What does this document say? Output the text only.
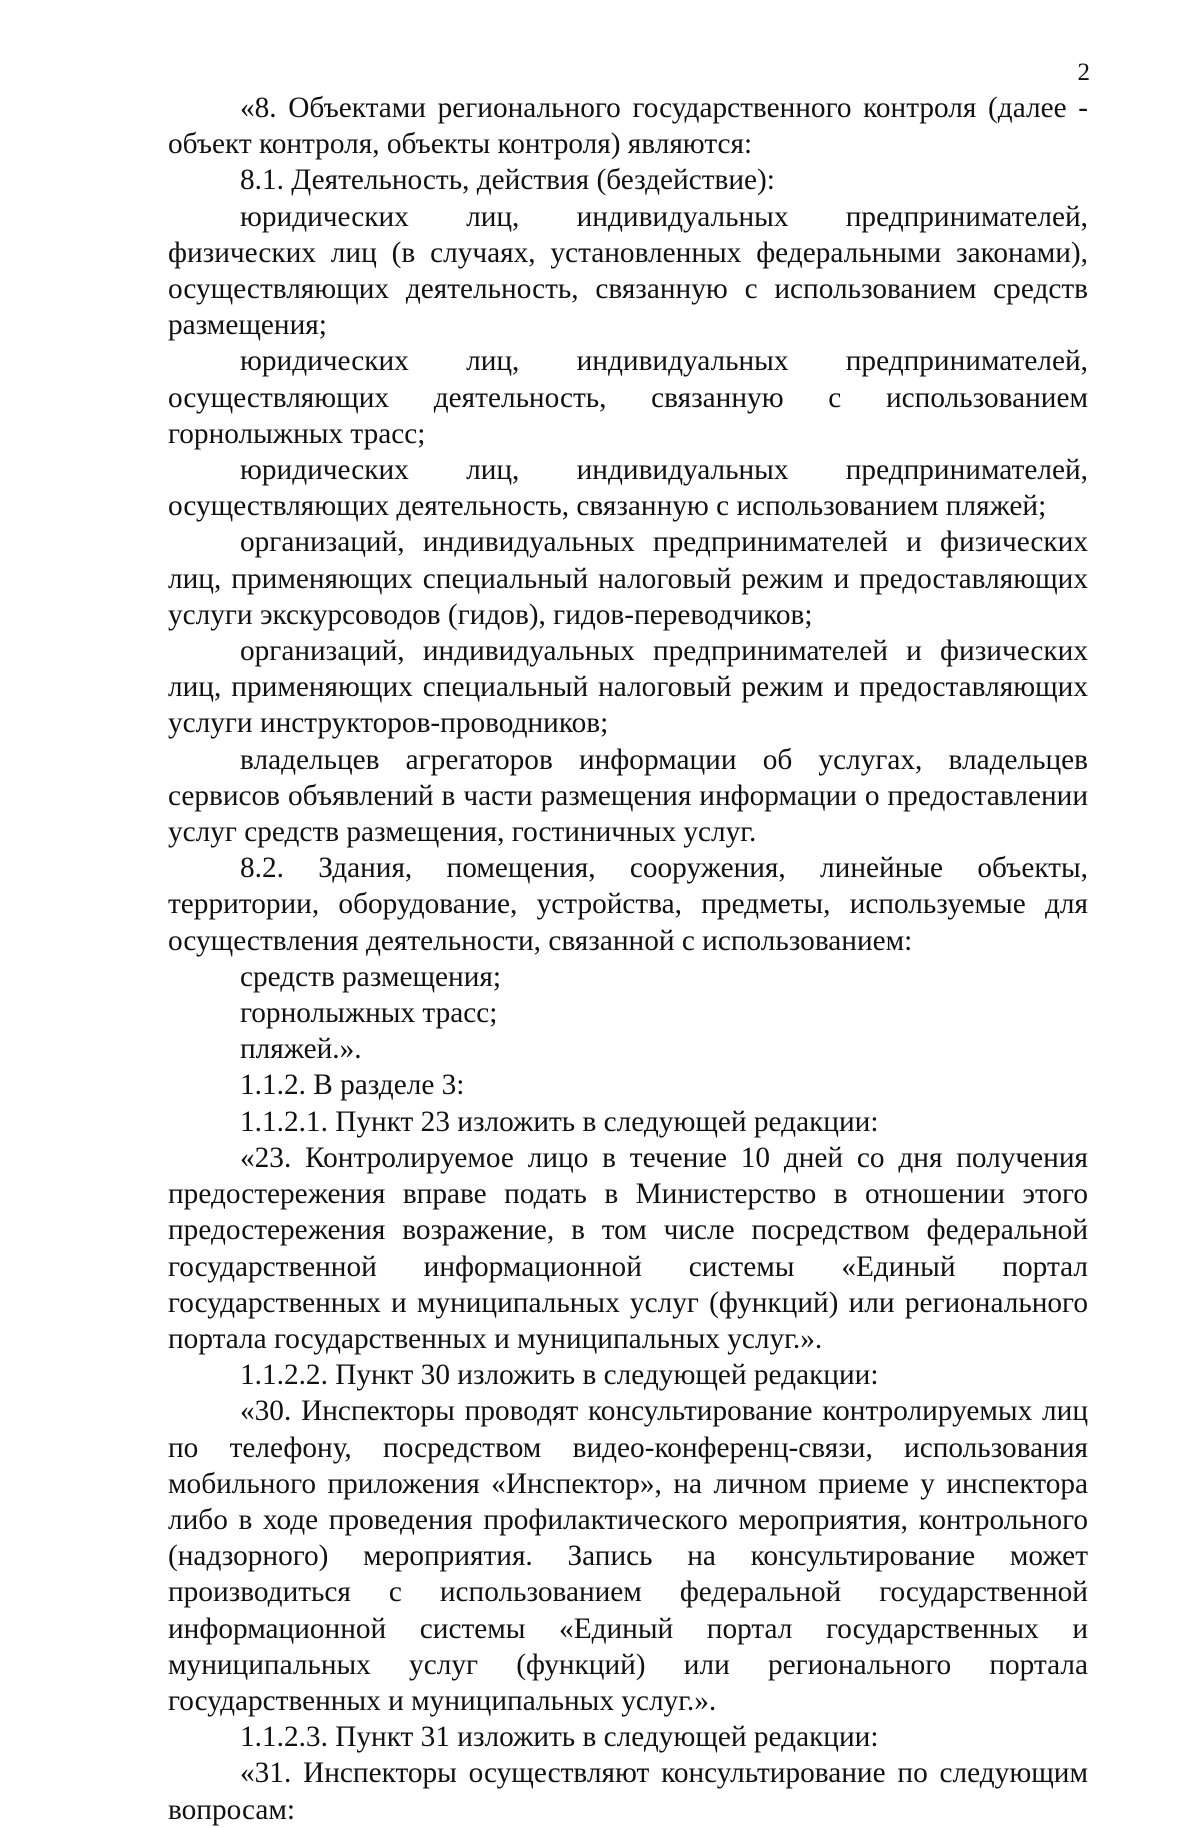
2

«8. Объектами регионального государственного контроля (далее - объект контроля, объекты контроля) являются:

8.1. Деятельность, действия (бездействие):

юридических лиц, индивидуальных предпринимателей, физических лиц (в случаях, установленных федеральными законами), осуществляющих деятельность, связанную с использованием средств размещения;

юридических лиц, индивидуальных предпринимателей, осуществляющих деятельность, связанную с использованием горнолыжных трасс;

юридических лиц, индивидуальных предпринимателей, осуществляющих деятельность, связанную с использованием пляжей;

организаций, индивидуальных предпринимателей и физических лиц, применяющих специальный налоговый режим и предоставляющих услуги экскурсоводов (гидов), гидов-переводчиков;

организаций, индивидуальных предпринимателей и физических лиц, применяющих специальный налоговый режим и предоставляющих услуги инструкторов-проводников;

владельцев агрегаторов информации об услугах, владельцев сервисов объявлений в части размещения информации о предоставлении услуг средств размещения, гостиничных услуг.

8.2. Здания, помещения, сооружения, линейные объекты, территории, оборудование, устройства, предметы, используемые для осуществления деятельности, связанной с использованием:

средств размещения;

горнолыжных трасс;

пляжей.».

1.1.2. В разделе 3:

1.1.2.1. Пункт 23 изложить в следующей редакции:

«23. Контролируемое лицо в течение 10 дней со дня получения предостережения вправе подать в Министерство в отношении этого предостережения возражение, в том числе посредством федеральной государственной информационной системы «Единый портал государственных и муниципальных услуг (функций) или регионального портала государственных и муниципальных услуг.».

1.1.2.2. Пункт 30 изложить в следующей редакции:

«30. Инспекторы проводят консультирование контролируемых лиц по телефону, посредством видео-конференц-связи, использования мобильного приложения «Инспектор», на личном приеме у инспектора либо в ходе проведения профилактического мероприятия, контрольного (надзорного) мероприятия. Запись на консультирование может производиться с использованием федеральной государственной информационной системы «Единый портал государственных и муниципальных услуг (функций) или регионального портала государственных и муниципальных услуг.».

1.1.2.3. Пункт 31 изложить в следующей редакции:

«31. Инспекторы осуществляют консультирование по следующим вопросам:
